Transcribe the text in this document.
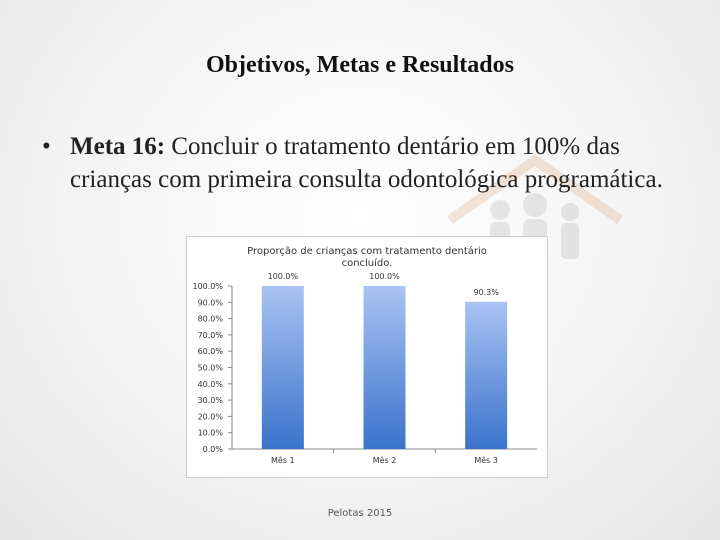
Objetivos, Metas e Resultados
• Meta 16: Concluir o tratamento dentário em 100% das crianças com primeira consulta odontológica programática.
Proporção de crianças com tratamento dentário concluído.
0.0%
10.0%
20.0%
30.0%
40.0%
50.0%
60.0%
70.0%
80.0%
90.0%
100.0%
100.0%
Mês 1
100.0%
Mês 2
90.3%
Mês 3
Pelotas 2015
